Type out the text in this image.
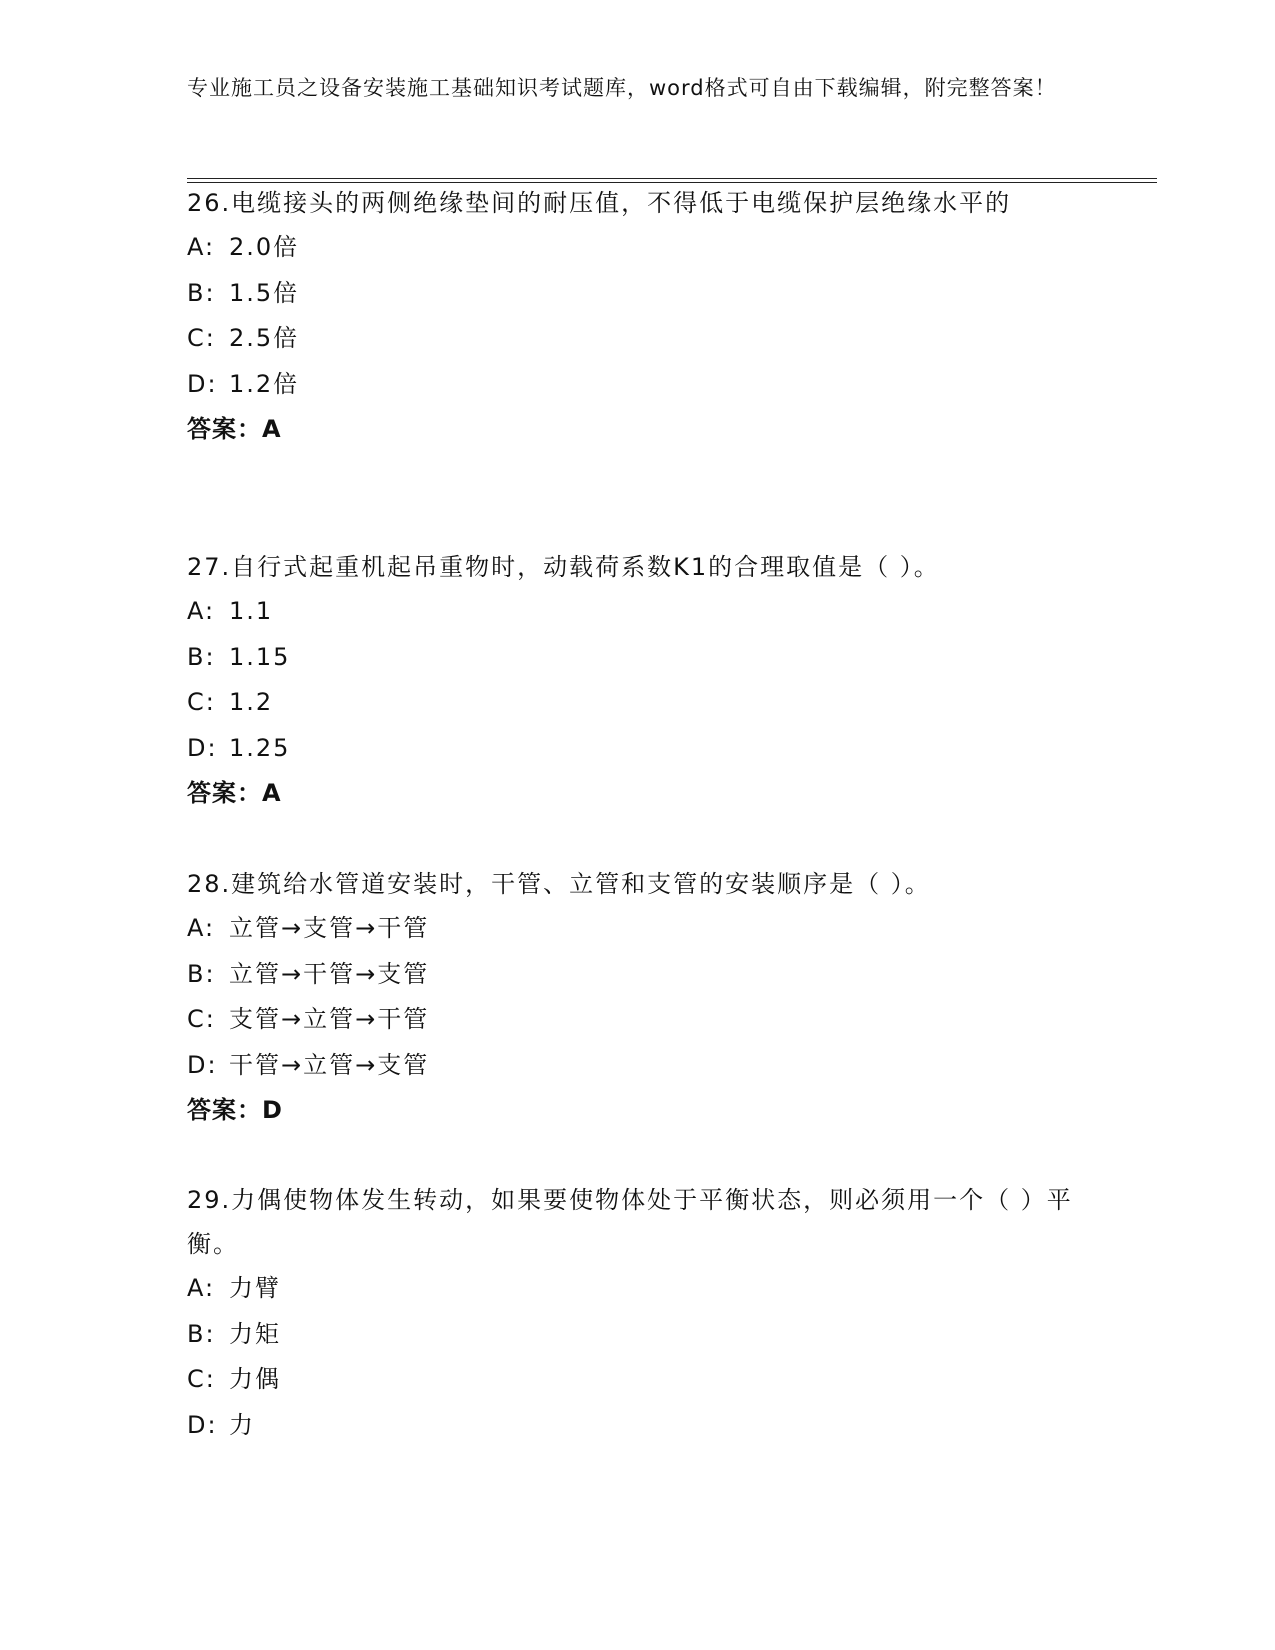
专业施工员之设备安装施工基础知识考试题库，word格式可自由下载编辑，附完整答案！
26.电缆接头的两侧绝缘垫间的耐压值，不得低于电缆保护层绝缘水平的
A: 2.0倍
B: 1.5倍
C: 2.5倍
D: 1.2倍
答案：A
27.自行式起重机起吊重物时，动载荷系数K1的合理取值是（ ）。
A: 1.1
B: 1.15
C: 1.2
D: 1.25
答案：A
28.建筑给水管道安装时，干管、立管和支管的安装顺序是（ ）。
A: 立管→支管→干管
B: 立管→干管→支管
C: 支管→立管→干管
D: 干管→立管→支管
答案：D
29.力偶使物体发生转动，如果要使物体处于平衡状态，则必须用一个（ ）平衡。
A: 力臂
B: 力矩
C: 力偶
D: 力
